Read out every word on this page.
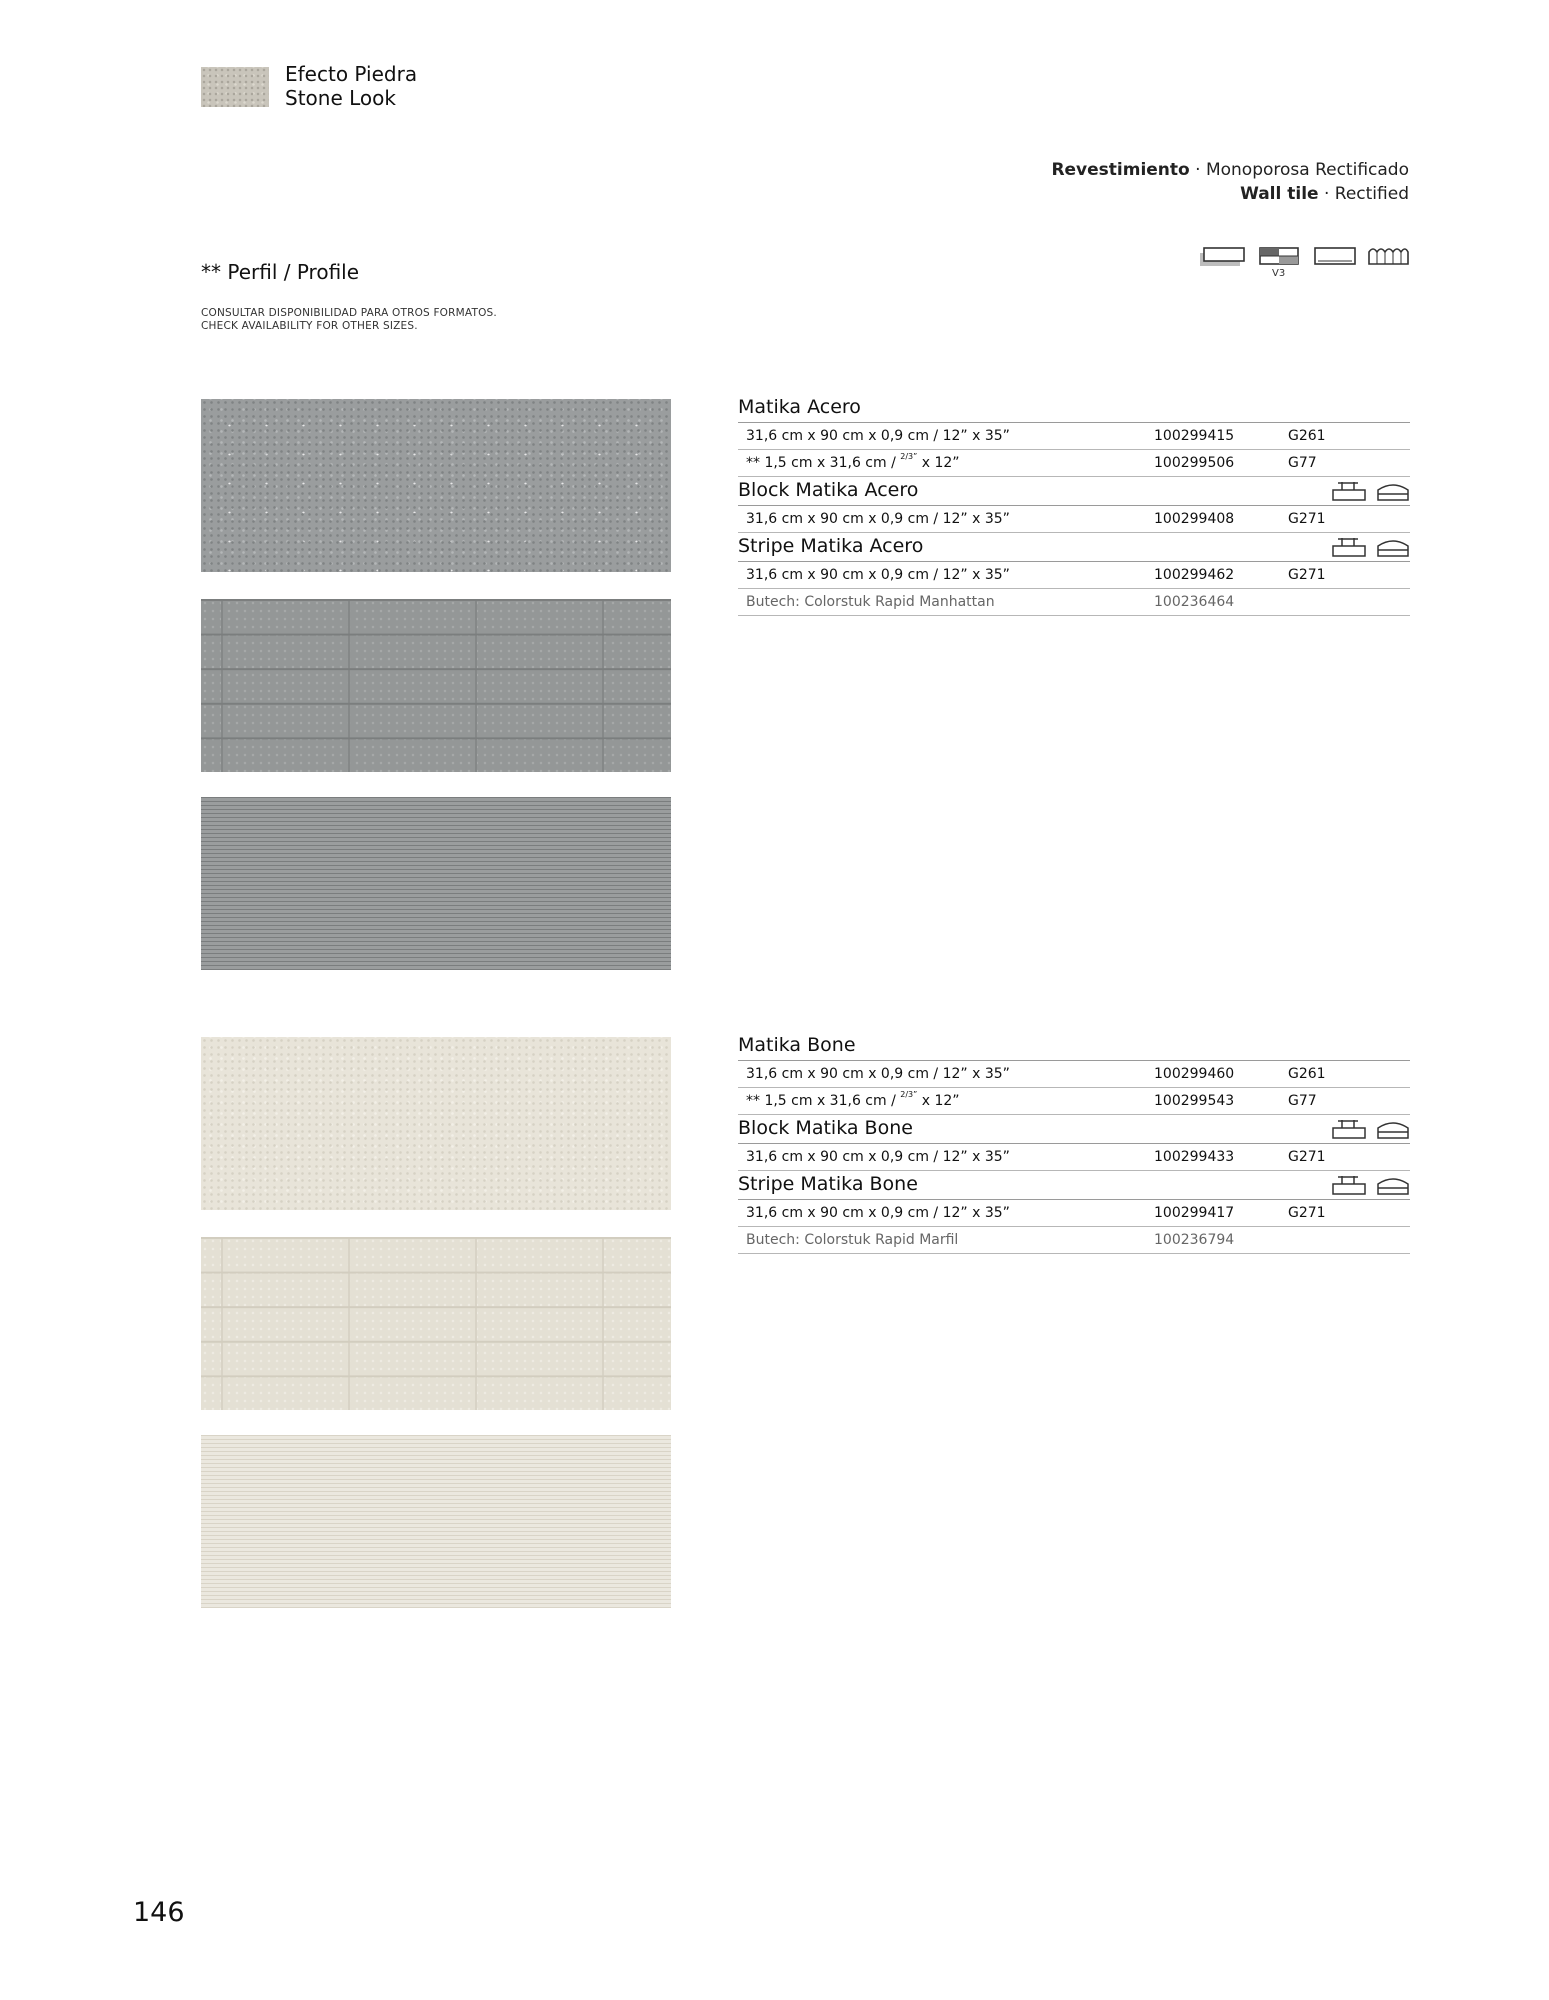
Efecto Piedra
Stone Look
Revestimiento · Monoporosa Rectificado
Wall tile · Rectified
V3
** Perfil / Profile
CONSULTAR DISPONIBILIDAD PARA OTROS FORMATOS.
CHECK AVAILABILITY FOR OTHER SIZES.
Matika Acero
31,6 cm x 90 cm x 0,9 cm / 12” x 35”	100299415	G261
** 1,5 cm x 31,6 cm / $^{2/3”}$ x 12”	100299506	G77
Block Matika Acero
31,6 cm x 90 cm x 0,9 cm / 12” x 35”	100299408	G271
Stripe Matika Acero
31,6 cm x 90 cm x 0,9 cm / 12” x 35”	100299462	G271
Butech: Colorstuk Rapid Manhattan	100236464
Matika Bone
31,6 cm x 90 cm x 0,9 cm / 12” x 35”	100299460	G261
** 1,5 cm x 31,6 cm / $^{2/3”}$ x 12”	100299543	G77
Block Matika Bone
31,6 cm x 90 cm x 0,9 cm / 12” x 35”	100299433	G271
Stripe Matika Bone
31,6 cm x 90 cm x 0,9 cm / 12” x 35”	100299417	G271
Butech: Colorstuk Rapid Marfil	100236794
146
